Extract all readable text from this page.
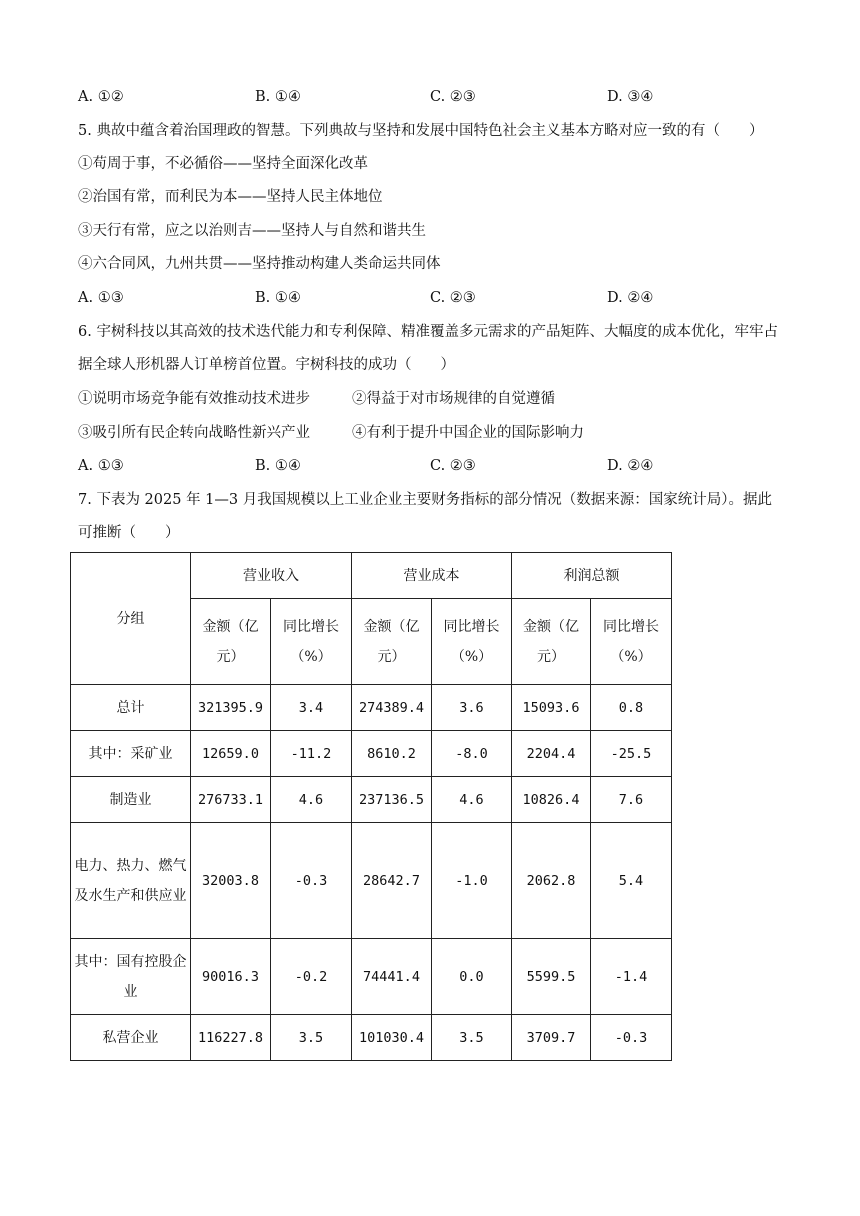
A. ①②	B. ①④	C. ②③	D. ③④
5. 典故中蕴含着治国理政的智慧。下列典故与坚持和发展中国特色社会主义基本方略对应一致的有（　　）
①苟周于事，不必循俗——坚持全面深化改革
②治国有常，而利民为本——坚持人民主体地位
③天行有常，应之以治则吉——坚持人与自然和谐共生
④六合同风，九州共贯——坚持推动构建人类命运共同体
A. ①③	B. ①④	C. ②③	D. ②④
6. 宇树科技以其高效的技术迭代能力和专利保障、精准覆盖多元需求的产品矩阵、大幅度的成本优化，牢牢占据全球人形机器人订单榜首位置。宇树科技的成功（　　）
①说明市场竞争能有效推动技术进步	②得益于对市场规律的自觉遵循
③吸引所有民企转向战略性新兴产业	④有利于提升中国企业的国际影响力
A. ①③	B. ①④	C. ②③	D. ②④
7. 下表为 2025 年 1—3 月我国规模以上工业企业主要财务指标的部分情况（数据来源：国家统计局）。据此可推断（　　）
分组	营业收入		营业成本		利润总额	
	金额（亿元）	同比增长（%）	金额（亿元）	同比增长（%）	金额（亿元）	同比增长（%）
总计	321395.9	3.4	274389.4	3.6	15093.6	0.8
其中：采矿业	12659.0	-11.2	8610.2	-8.0	2204.4	-25.5
制造业	276733.1	4.6	237136.5	4.6	10826.4	7.6
电力、热力、燃气及水生产和供应业	32003.8	-0.3	28642.7	-1.0	2062.8	5.4
其中：国有控股企业	90016.3	-0.2	74441.4	0.0	5599.5	-1.4
私营企业	116227.8	3.5	101030.4	3.5	3709.7	-0.3
